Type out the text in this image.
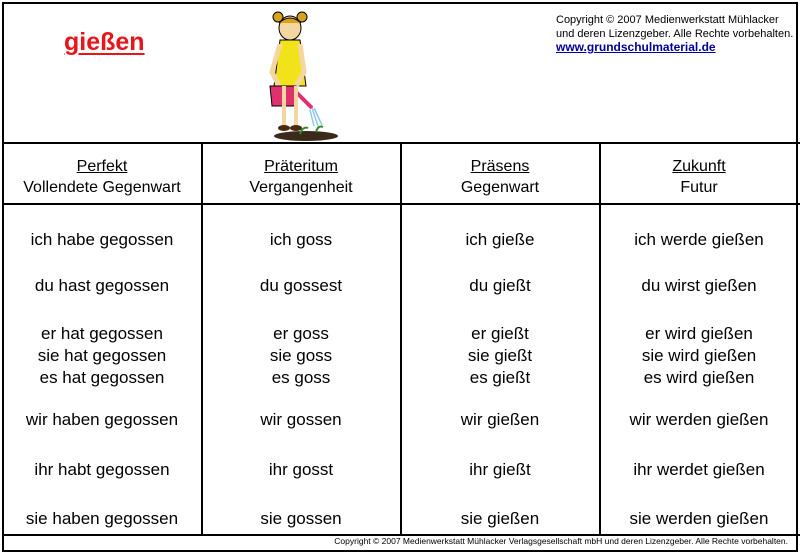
gießen
Copyright © 2007 Medienwerkstatt Mühlacker
und deren Lizenzgeber. Alle Rechte vorbehalten.
www.grundschulmaterial.de
Perfekt
Vollendete Gegenwart
Präteritum
Vergangenheit
Präsens
Gegenwart
Zukunft
Futur
ich habe gegossen
du hast gegossen
er hat gegossen
sie hat gegossen
es hat gegossen
wir haben gegossen
ihr habt gegossen
sie haben gegossen
ich goss
du gossest
er goss
sie goss
es goss
wir gossen
ihr gosst
sie gossen
ich gieße
du gießt
er gießt
sie gießt
es gießt
wir gießen
ihr gießt
sie gießen
ich werde gießen
du wirst gießen
er wird gießen
sie wird gießen
es wird gießen
wir werden gießen
ihr werdet gießen
sie werden gießen
Copyright © 2007 Medienwerkstatt Mühlacker Verlagsgesellschaft mbH und deren Lizenzgeber. Alle Rechte vorbehalten.
